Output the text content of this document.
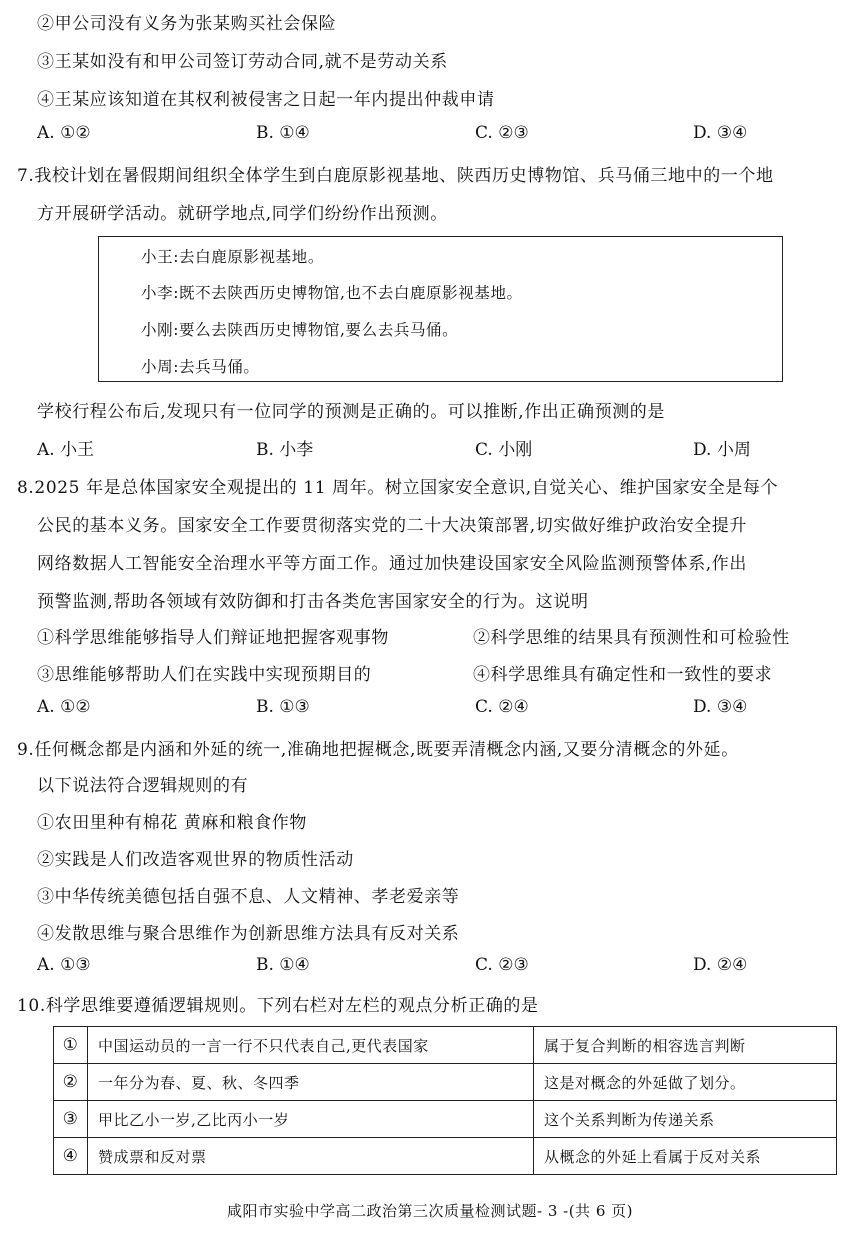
②甲公司没有义务为张某购买社会保险
③王某如没有和甲公司签订劳动合同,就不是劳动关系
④王某应该知道在其权利被侵害之日起一年内提出仲裁申请
A. ①②	B. ①④	C. ②③	D. ③④
7.我校计划在暑假期间组织全体学生到白鹿原影视基地、陕西历史博物馆、兵马俑三地中的一个地
方开展研学活动。就研学地点,同学们纷纷作出预测。
小王:去白鹿原影视基地。
小李:既不去陕西历史博物馆,也不去白鹿原影视基地。
小刚:要么去陕西历史博物馆,要么去兵马俑。
小周:去兵马俑。
学校行程公布后,发现只有一位同学的预测是正确的。可以推断,作出正确预测的是
A. 小王	B. 小李	C. 小刚	D. 小周
8.2025 年是总体国家安全观提出的 11 周年。树立国家安全意识,自觉关心、维护国家安全是每个
公民的基本义务。国家安全工作要贯彻落实党的二十大决策部署,切实做好维护政治安全提升
网络数据人工智能安全治理水平等方面工作。通过加快建设国家安全风险监测预警体系,作出
预警监测,帮助各领域有效防御和打击各类危害国家安全的行为。这说明
①科学思维能够指导人们辩证地把握客观事物	②科学思维的结果具有预测性和可检验性
③思维能够帮助人们在实践中实现预期目的	④科学思维具有确定性和一致性的要求
A. ①②	B. ①③	C. ②④	D. ③④
9.任何概念都是内涵和外延的统一,准确地把握概念,既要弄清概念内涵,又要分清概念的外延。
以下说法符合逻辑规则的有
①农田里种有棉花 黄麻和粮食作物
②实践是人们改造客观世界的物质性活动
③中华传统美德包括自强不息、人文精神、孝老爱亲等
④发散思维与聚合思维作为创新思维方法具有反对关系
A. ①③	B. ①④	C. ②③	D. ②④
10.科学思维要遵循逻辑规则。下列右栏对左栏的观点分析正确的是
①	中国运动员的一言一行不只代表自己,更代表国家	属于复合判断的相容选言判断
②	一年分为春、夏、秋、冬四季	这是对概念的外延做了划分。
③	甲比乙小一岁,乙比丙小一岁	这个关系判断为传递关系
④	赞成票和反对票	从概念的外延上看属于反对关系
咸阳市实验中学高二政治第三次质量检测试题- 3 -(共 6 页)
